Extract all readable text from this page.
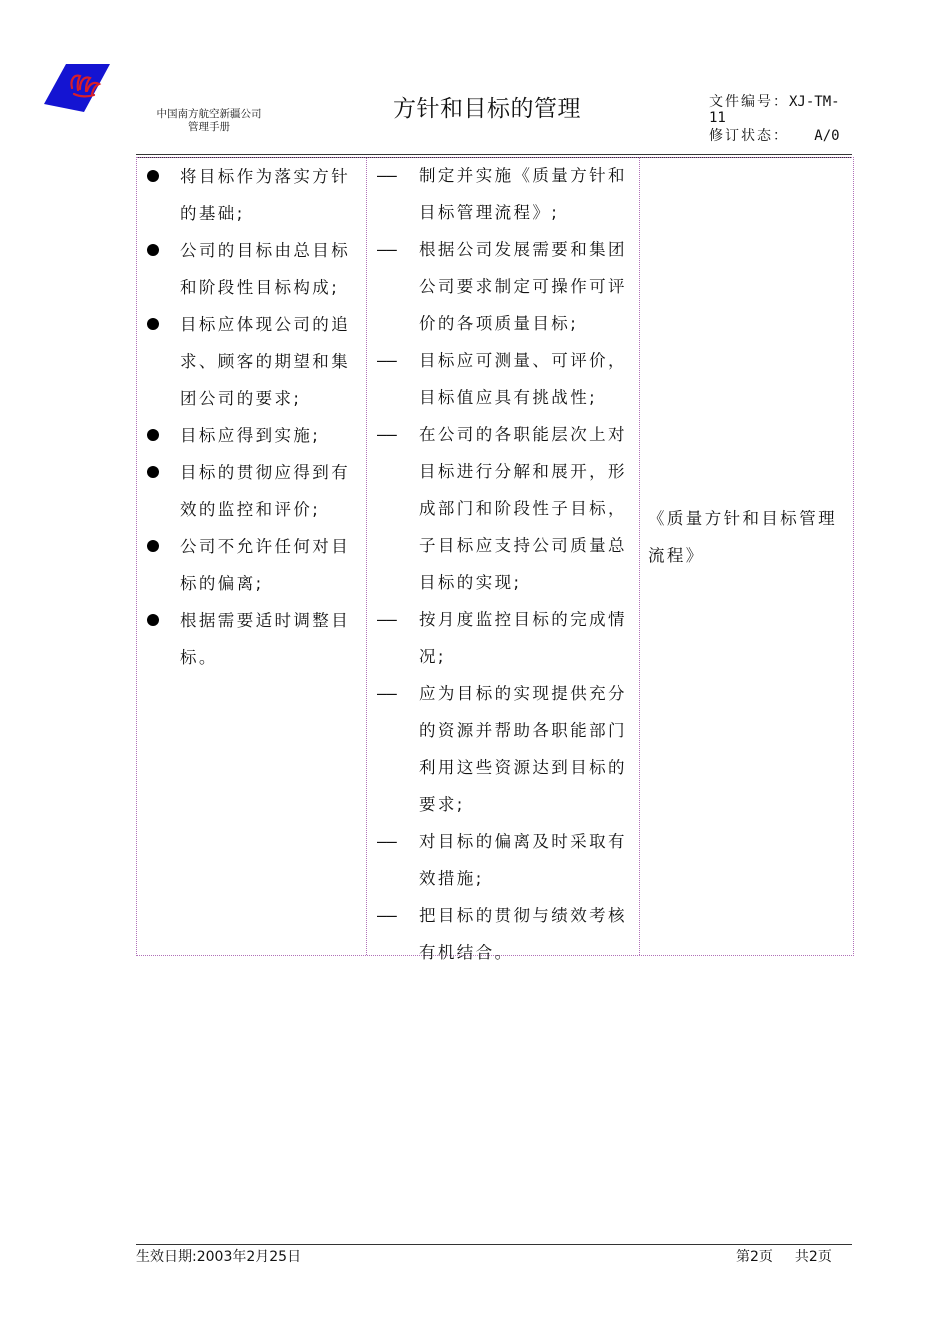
中国南方航空新疆公司
管理手册
方针和目标的管理	文件编号：XJ-TM-
11
修订状态： A/0
将目标作为落实方针的基础;
公司的目标由总目标和阶段性目标构成;
目标应体现公司的追求、顾客的期望和集团公司的要求;
目标应得到实施;
目标的贯彻应得到有效的监控和评价;
公司不允许任何对目标的偏离;
根据需要适时调整目标。
—— 制定并实施《质量方针和目标管理流程》;
—— 根据公司发展需要和集团公司要求制定可操作可评价的各项质量目标;
—— 目标应可测量、可评价，目标值应具有挑战性;
—— 在公司的各职能层次上对目标进行分解和展开，形成部门和阶段性子目标，子目标应支持公司质量总目标的实现;
—— 按月度监控目标的完成情况;
—— 应为目标的实现提供充分的资源并帮助各职能部门利用这些资源达到目标的要求;
—— 对目标的偏离及时采取有效措施;
—— 把目标的贯彻与绩效考核有机结合。
《质量方针和目标管理流程》
生效日期:2003年2月25日	第2页 共2页
